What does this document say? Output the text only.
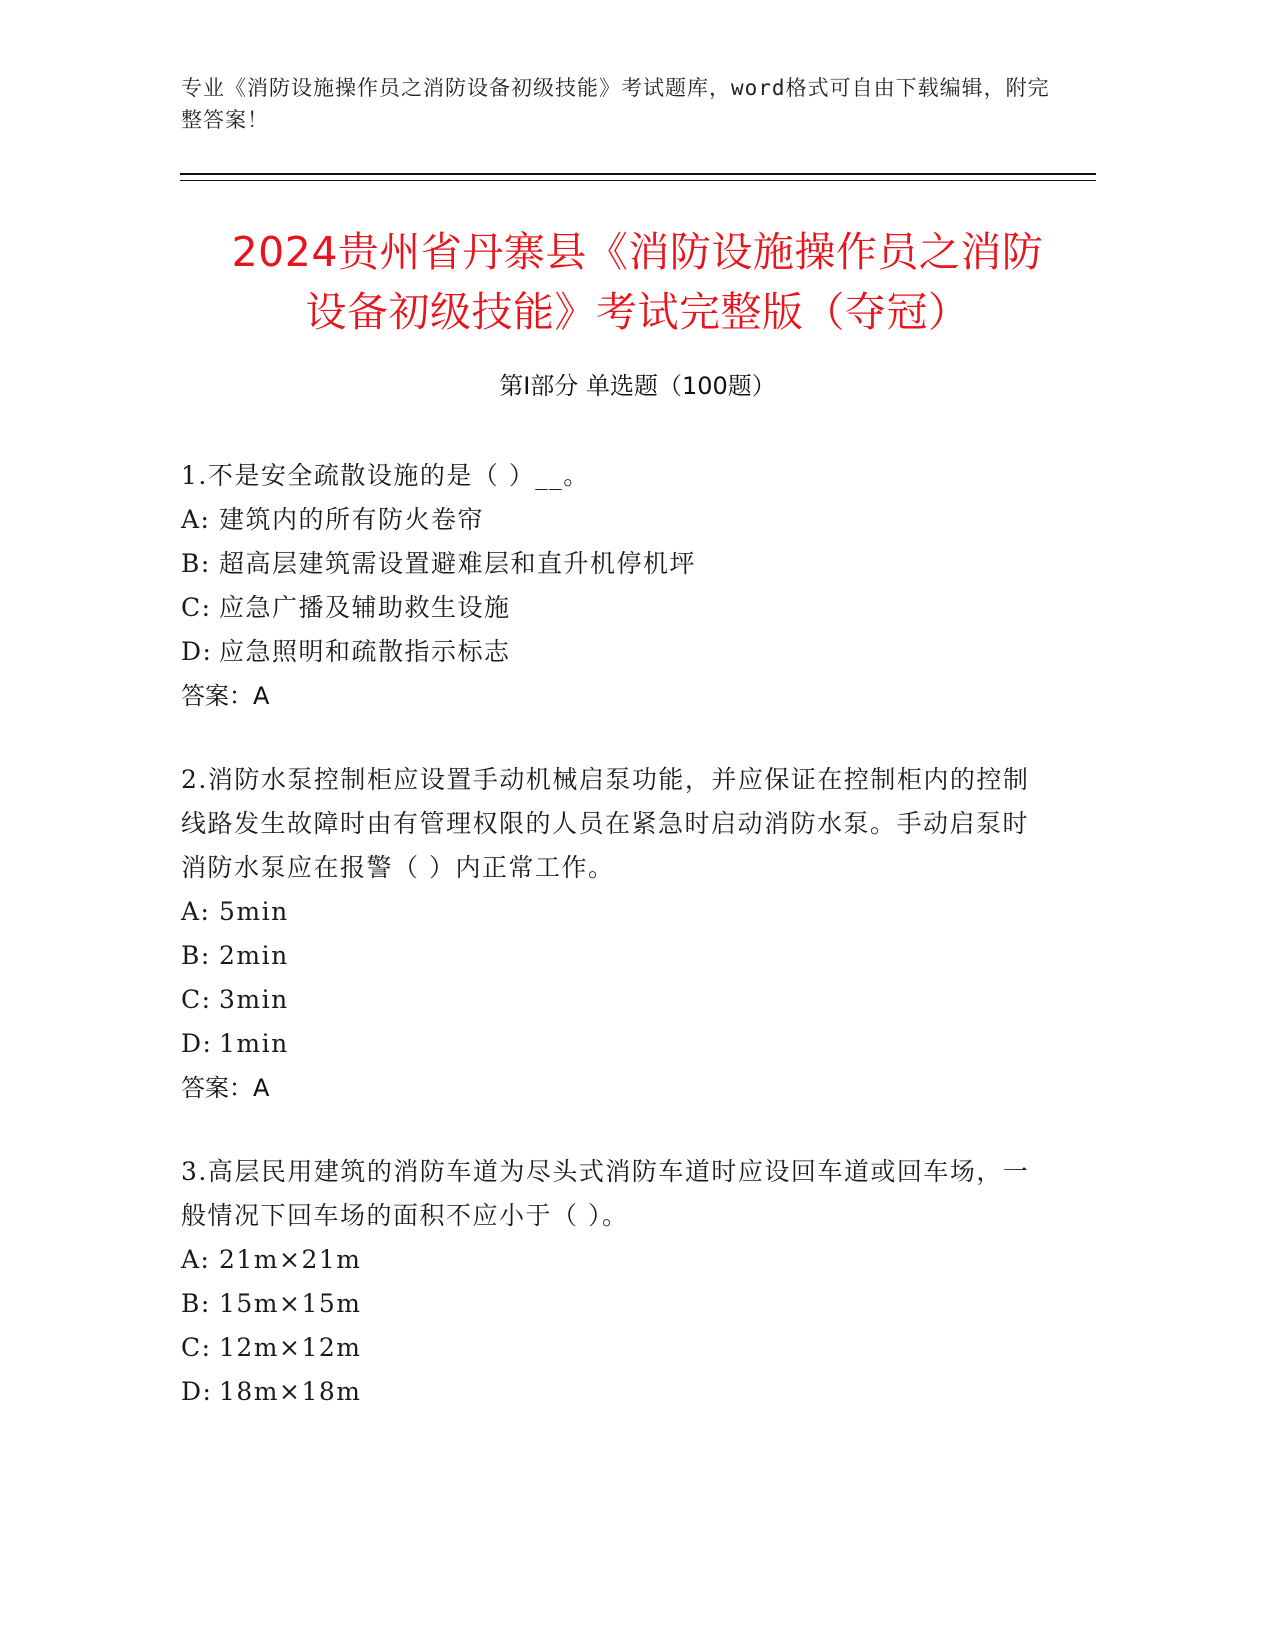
专业《消防设施操作员之消防设备初级技能》考试题库，word格式可自由下载编辑，附完整答案！
2024贵州省丹寨县《消防设施操作员之消防
设备初级技能》考试完整版（夺冠）
第Ⅰ部分 单选题（100题）
1.不是安全疏散设施的是（ ）__。
A: 建筑内的所有防火卷帘
B: 超高层建筑需设置避难层和直升机停机坪
C: 应急广播及辅助救生设施
D: 应急照明和疏散指示标志
答案：A
2.消防水泵控制柜应设置手动机械启泵功能，并应保证在控制柜内的控制线路发生故障时由有管理权限的人员在紧急时启动消防水泵。手动启泵时消防水泵应在报警（ ）内正常工作。
A: 5min
B: 2min
C: 3min
D: 1min
答案：A
3.高层民用建筑的消防车道为尽头式消防车道时应设回车道或回车场，一般情况下回车场的面积不应小于（ ）。
A: 21m×21m
B: 15m×15m
C: 12m×12m
D: 18m×18m
